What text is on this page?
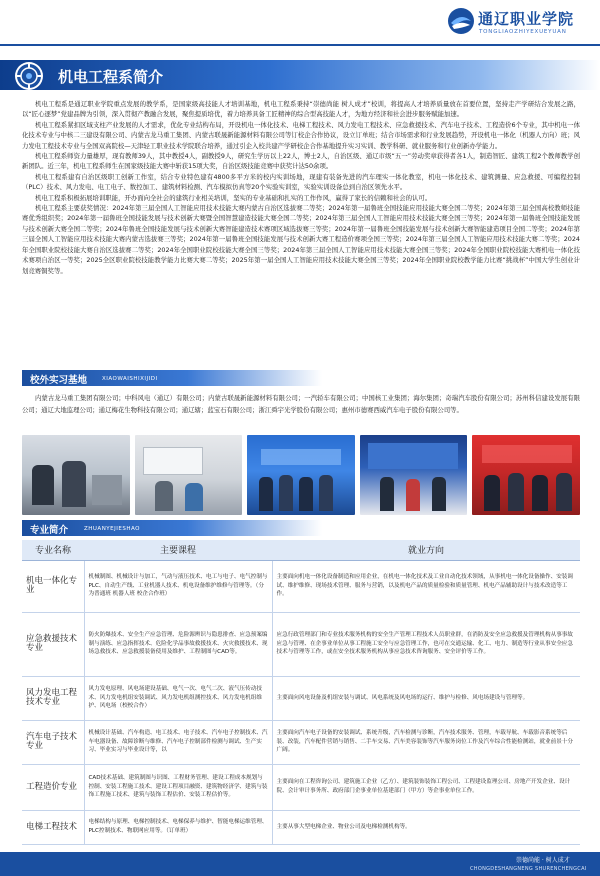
通辽职业学院
TONGLIAOZHIYEXUEYUAN
机电工程系简介

机电工程系是通辽职业学院重点发展的教学系，是国家级高技能人才培训基地，机电工程系秉持“崇德尚能 树人成才”校训，将提高人才培养质量放在首要位置，坚持走产学研结合发展之路，以“匠心逐梦”党建品牌为引领，深入贯彻产教融合发展，聚焦提质培优，着力培养具备工匠精神的综合型高技能人才，为地方经济和社会进步服务赋能加速。

机电工程系紧扣区域支柱产业发展的人才需求，优化专业结构布局，开设机电一体化技术、电梯工程技术、风力发电工程技术、应急救援技术、汽车电子技术、工程造价6个专业，其中机电一体化技术专业与中核二三建设有限公司、内蒙古龙马重工集团、内蒙古联晟新能源材料有限公司等订校企合作协议，设立订单班；结合市场需求和行业发展趋势，开设机电一体化（机器人方向）班；风力发电工程技术专业与全国双高院校—天津轻工职业技术学院联合培养，通过引企入校共建产学研校企合作基地提升实习实训、教学科研、就业服务和行业创新办学能力。

机电工程系师资力量雄厚，现有教师39人，其中教授4人，副教授9人，研究生学历以上22人，博士2人，自治区级、通辽市级“五一”劳动奖章获得者各1人，制造智匠、建筑工程2个教师教学创新团队。近三年，机电工程系师生在国家级技能大赛中斩获15项大奖，自治区级技能竞赛中获奖计达50余项。

机电工程系建有自治区级职工创新工作室，结合专业特色建有4800多平方米的校内实训场地，现建有装备先进的汽车理实一体化教室，机电一体化技术、建筑测量、应急救援、可编程控制（PLC）技术、风力发电、电工电子、数控加工、建筑材料检测、汽车模拟仿真等20个实验实训室，实验实训设备总到自治区领先水平。

机电工程系积极拓展培训职能，开办面向全社会的建筑行业相关培训，坚实的专业基础和扎实的工作作风，赢得了家长的信赖和社会的认可。

机电工程系主要获奖情况：2024年第三届全国人工智能应用技术技能大赛内蒙古自治区选拔赛二等奖；2024年第一届鲁班全国技能应用技能大赛全国二等奖；2024年第三届全国高校教师技能赛优秀组织奖；2024年第一届鲁班全国技能发展与技术创新大赛暨全国智慧建造技能大赛全国二等奖；2024年第三届全国人工智能应用技术技能大赛全国三等奖；2024年第一届鲁班全国技能发展与技术创新大赛全国二等奖；2024年鲁班全国技能发展与技术创新大赛智能建造技术赛项区域选拔赛三等奖；2024年第一届鲁班全国技能发展与技术创新大赛智能建造项目全国二等奖；2024年第三届全国人工智能应用技术技能大赛内蒙古选拔赛三等奖；2024年第一届鲁班全国技能发展与技术创新大赛工程造价赛项全国三等奖；2024年第三届全国人工智能应用技术技能大赛二等奖；2024年全国职业院校技能大赛自治区选拔赛二等奖；2024年全国职业院校技能大赛全国三等奖；2024年第三届全国人工智能应用技术技能大赛全国三等奖；2024年全国职业院校技能大赛机电一体化技术赛项自治区一等奖；2025全区职业院校技能教学能力比赛大赛二等奖；2025年第一届全国人工智能应用技术技能大赛全国三等奖；2024年全国职业院校教学能力比赛“挑战杯”中国大学生创业计划竞赛铜奖等。

校外实习基地	XIAOWAISHIXIJIDI
内蒙古龙马重工集团有限公司；中科风电（通辽）有限公司；内蒙古联晟新能源材料有限公司；一汽轿车有限公司；中国核工业集团；海尔集团；奇瑞汽车股份有限公司；苏州科信建设发展有限公司；通辽大地监理公司；通辽梅花生物科技有限公司；通辽辖；蓝宝石有限公司；浙江舜宇光学股份有限公司；惠州市德赛西威汽车电子股份有限公司等。
专业简介	ZHUANYEJIESHAO
专业名称	主要课程	就业方向
机电一体化专业	机械制图、机械设计与加工，气动与液压技术、电工与电子、电气控制与PLC、自动生产线、工业机器人技术、机电设备维护维修与管理等。（分为普通班 机器人班 校企合作班）	主要面向机电一体化设备制造和应用企业，在机电一体化技术及工业自动化技术领域，从事机电一体化设备操作、安装调试、维护维修、现场技术管理、服务与营销，以及机电产品的质量检验和质量管理、机电产品辅助设计与技术改造等工作。
应急救援技术专业	防火防爆技术、安全生产应急管理、危险源辨识与隐患排查、应急预案编制与演练、应急指挥技术、危险化学品事故救援技术、火灾救援技术、现场急救技术、应急救援装备使用及维护、工程制图与CAD等。	应急行政管理部门和专业技术服务机构的安全生产管理工程技术人员职业群，在消防及安全应急救援及管理机构从事事故应急与管理、在企事业单位从事工程施工安全与应急管理工作，也可在交通运输、化工、电力、制造等行业从事安全应急技术与管理等工作，或在安全技术服务机构从事应急技术咨询服务、安全评价等工作。
风力发电工程技术专业	风力发电原理、风电场建设基础、电气一次、电气二次、液气压传动技术、风力发电机组安装调试、风力发电机组测控技术、风力发电机组维护、风电场（校校合作）	主要面向风电设备及机组安装与调试、风电系统及风电场的运行、维护与检修、风电场建设与管理等。
汽车电子技术专业	机械设计基础、汽车构造、电工技术、电子技术、汽车电子控制技术、汽车电器设备、故障诊断与维修、汽车电子控制部件检测与调试、生产实习、毕业实习与毕业设计等，以	主要面向汽车电子设备的安装调试、系统升级，汽车检测与诊断，汽车技术服务、管理，车载导航、车载影音系统等后装、改装，汽车配件营销与销售、二手车交易、汽车美容装饰等汽车服务岗位工作及汽车综合性能检测站，就业前景十分广阔。
工程造价专业	CAD技术基础、建筑制图与识图、工程财务管理、建设工程成本规划与控制、安装工程施工技术、建设工程项目融资、建筑物经济学、建筑与装饰工程施工技术、建筑与装饰工程估价、安装工程估价等。	主要面向在工程咨询公司、建筑施工企业（乙方）、建筑装饰装饰工程公司、工程建设监理公司、房地产开发企业、设计院、会计审计事务所、政府部门企事业单位基建部门（甲方）等企事业单位工作。
电梯工程技术	电梯结构与原理、电梯控制技术、电梯保养与维护、智能电梯运维管理、PLC控制技术、物联网应用等。（订单班）	主要从事大型电梯企业、物业公司及电梯检测机构等。
崇德尚能 · 树人成才
CHONGDESHANGNENG SHURENCHENGCAI
